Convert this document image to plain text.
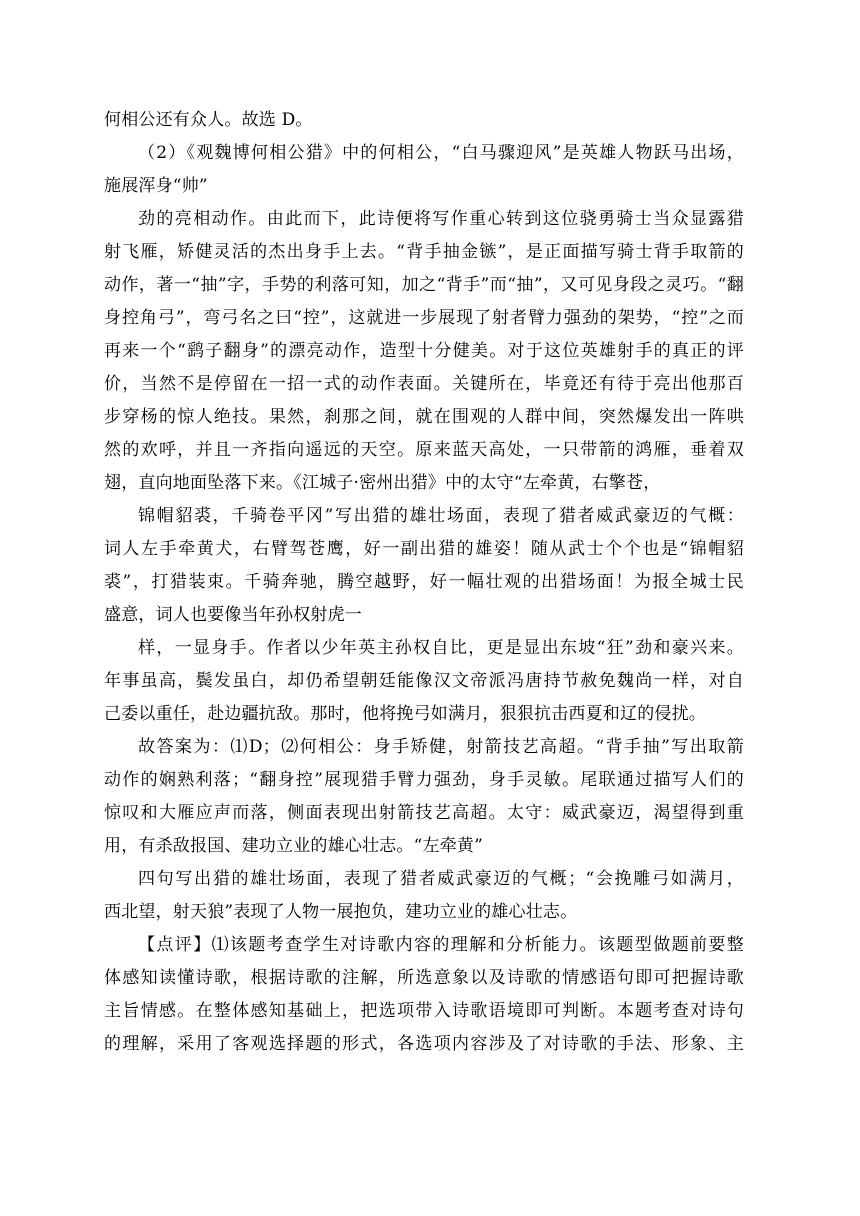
何相公还有众人。故选 D。
（2）《观魏博何相公猎》中的何相公，“白马骤迎风”是英雄人物跃马出场，
施展浑身“帅”
劲的亮相动作。由此而下，此诗便将写作重心转到这位骁勇骑士当众显露猎
射飞雁，矫健灵活的杰出身手上去。“背手抽金镞”，是正面描写骑士背手取箭的
动作，著一“抽”字，手势的利落可知，加之“背手”而“抽”，又可见身段之灵巧。“翻
身控角弓”，弯弓名之曰“控”，这就进一步展现了射者臂力强劲的架势，“控”之而
再来一个“鹞子翻身”的漂亮动作，造型十分健美。对于这位英雄射手的真正的评
价，当然不是停留在一招一式的动作表面。关键所在，毕竟还有待于亮出他那百
步穿杨的惊人绝技。果然，刹那之间，就在围观的人群中间，突然爆发出一阵哄
然的欢呼，并且一齐指向遥远的天空。原来蓝天高处，一只带箭的鸿雁，垂着双
翅，直向地面坠落下来。《江城子·密州出猎》中的太守“左牵黄，右擎苍，
锦帽貂裘，千骑卷平冈”写出猎的雄壮场面，表现了猎者威武豪迈的气概：
词人左手牵黄犬，右臂驾苍鹰，好一副出猎的雄姿！随从武士个个也是“锦帽貂
裘”，打猎装束。千骑奔驰，腾空越野，好一幅壮观的出猎场面！为报全城士民
盛意，词人也要像当年孙权射虎一
样，一显身手。作者以少年英主孙权自比，更是显出东坡“狂”劲和豪兴来。
年事虽高，鬓发虽白，却仍希望朝廷能像汉文帝派冯唐持节赦免魏尚一样，对自
己委以重任，赴边疆抗敌。那时，他将挽弓如满月，狠狠抗击西夏和辽的侵扰。
故答案为：⑴D；⑵何相公：身手矫健，射箭技艺高超。“背手抽”写出取箭
动作的娴熟利落；“翻身控”展现猎手臂力强劲，身手灵敏。尾联通过描写人们的
惊叹和大雁应声而落，侧面表现出射箭技艺高超。太守：威武豪迈，渴望得到重
用，有杀敌报国、建功立业的雄心壮志。“左牵黄”
四句写出猎的雄壮场面，表现了猎者威武豪迈的气概；“会挽雕弓如满月，
西北望，射天狼”表现了人物一展抱负，建功立业的雄心壮志。
【点评】⑴该题考查学生对诗歌内容的理解和分析能力。该题型做题前要整
体感知读懂诗歌，根据诗歌的注解，所选意象以及诗歌的情感语句即可把握诗歌
主旨情感。在整体感知基础上，把选项带入诗歌语境即可判断。本题考查对诗句
的理解，采用了客观选择题的形式，各选项内容涉及了对诗歌的手法、形象、主
